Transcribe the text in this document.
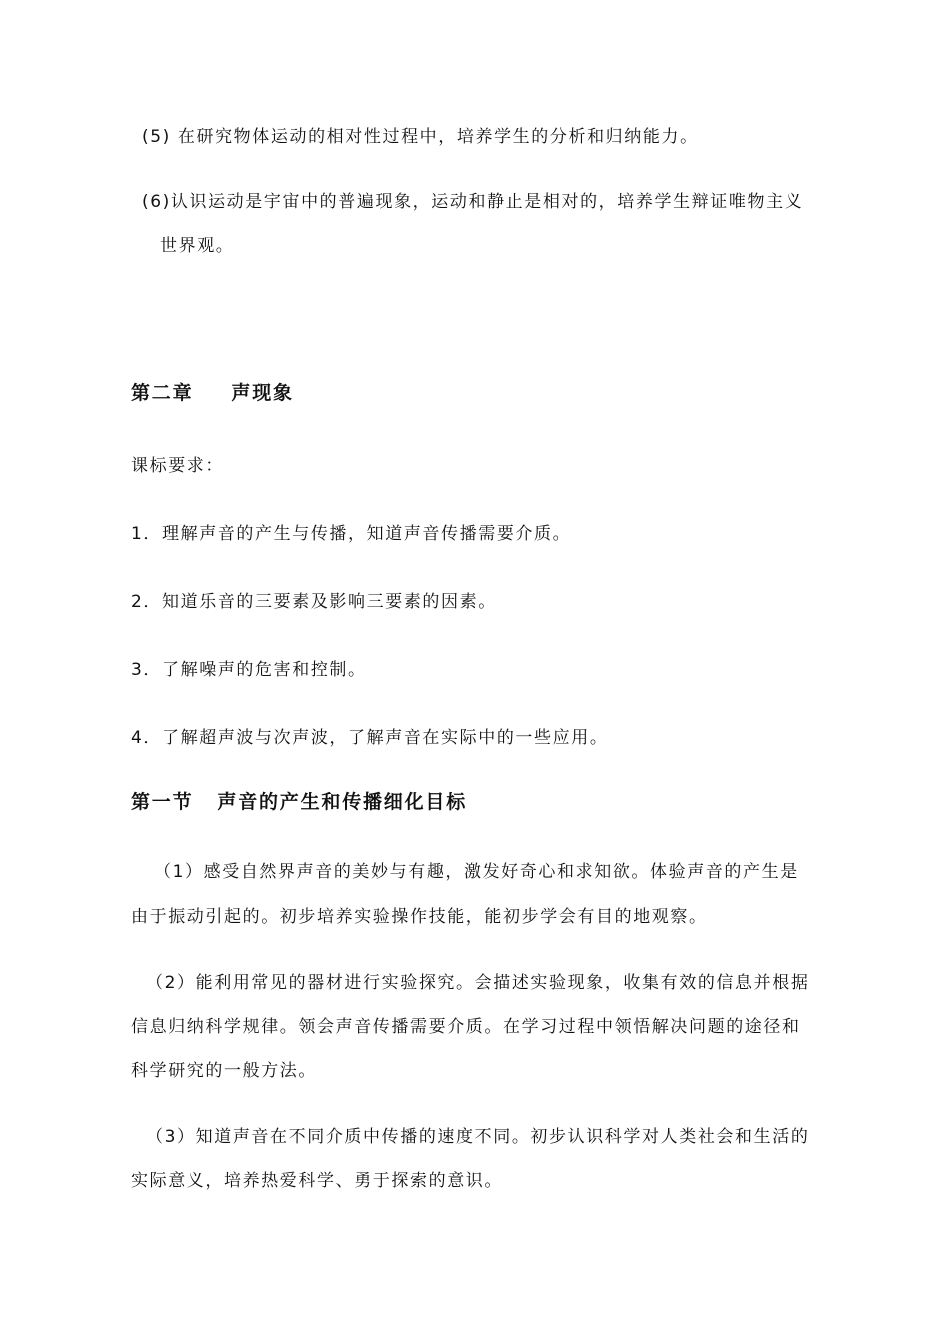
(5) 在研究物体运动的相对性过程中，培养学生的分析和归纳能力。
(6)认识运动是宇宙中的普遍现象，运动和静止是相对的，培养学生辩证唯物主义
世界观。
第二章 声现象
课标要求：
1．理解声音的产生与传播，知道声音传播需要介质。
2．知道乐音的三要素及影响三要素的因素。
3．了解噪声的危害和控制。
4．了解超声波与次声波，了解声音在实际中的一些应用。
第一节 声音的产生和传播细化目标
（1）感受自然界声音的美妙与有趣，激发好奇心和求知欲。体验声音的产生是
由于振动引起的。初步培养实验操作技能，能初步学会有目的地观察。
（2）能利用常见的器材进行实验探究。会描述实验现象，收集有效的信息并根据
信息归纳科学规律。领会声音传播需要介质。在学习过程中领悟解决问题的途径和
科学研究的一般方法。
（3）知道声音在不同介质中传播的速度不同。初步认识科学对人类社会和生活的
实际意义，培养热爱科学、勇于探索的意识。
